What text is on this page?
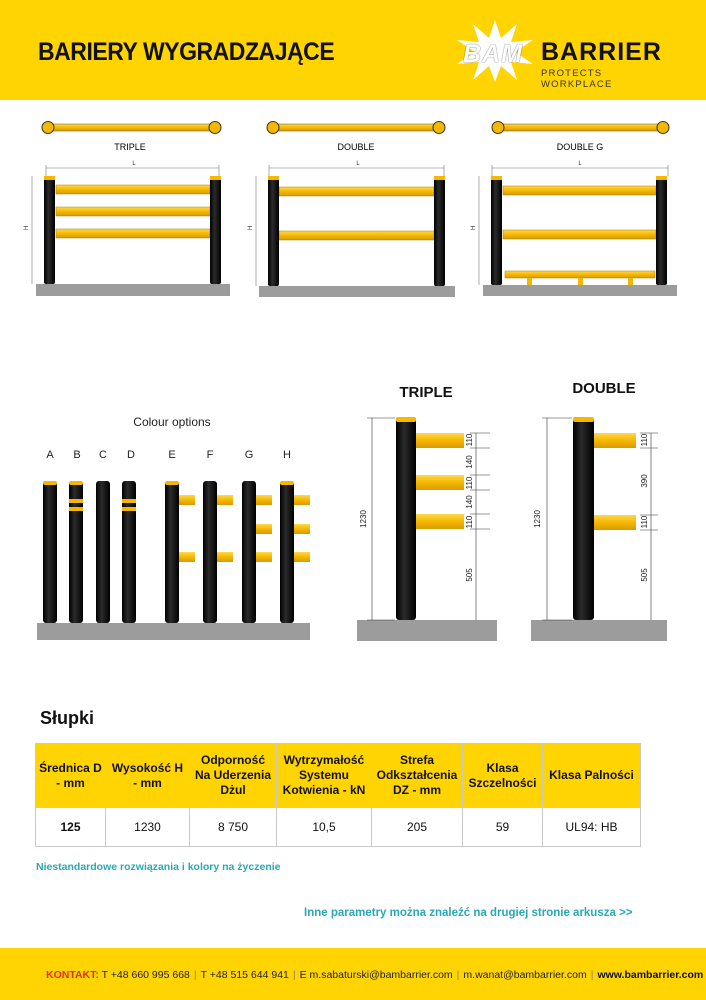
BARIERY WYGRADZAJĄCE	BAM BARRIER
PROTECTS WORKPLACE
TRIPLE	DOUBLE	DOUBLE G
L
H
L
H
L
H
Colour options
A B C D	E	F	G	H
TRIPLE
1230
110
140
110
140
110
505
DOUBLE
1230
110
390
110
505
Słupki
Średnica D - mm	Wysokość H - mm	Odporność Na Uderzenia Dżul	Wytrzymałość Systemu Kotwienia - kN	Strefa Odkształcenia DZ - mm	Klasa Szczelności	Klasa Palności
125	1230	8 750	10,5	205	59	UL94: HB
Niestandardowe rozwiązania i kolory na życzenie
Inne parametry można znaleźć na drugiej stronie arkusza >>
KONTAKT: T +48 660 995 668 | T +48 515 644 941 | E m.sabaturski@bambarrier.com | m.wanat@bambarrier.com | www.bambarrier.com
